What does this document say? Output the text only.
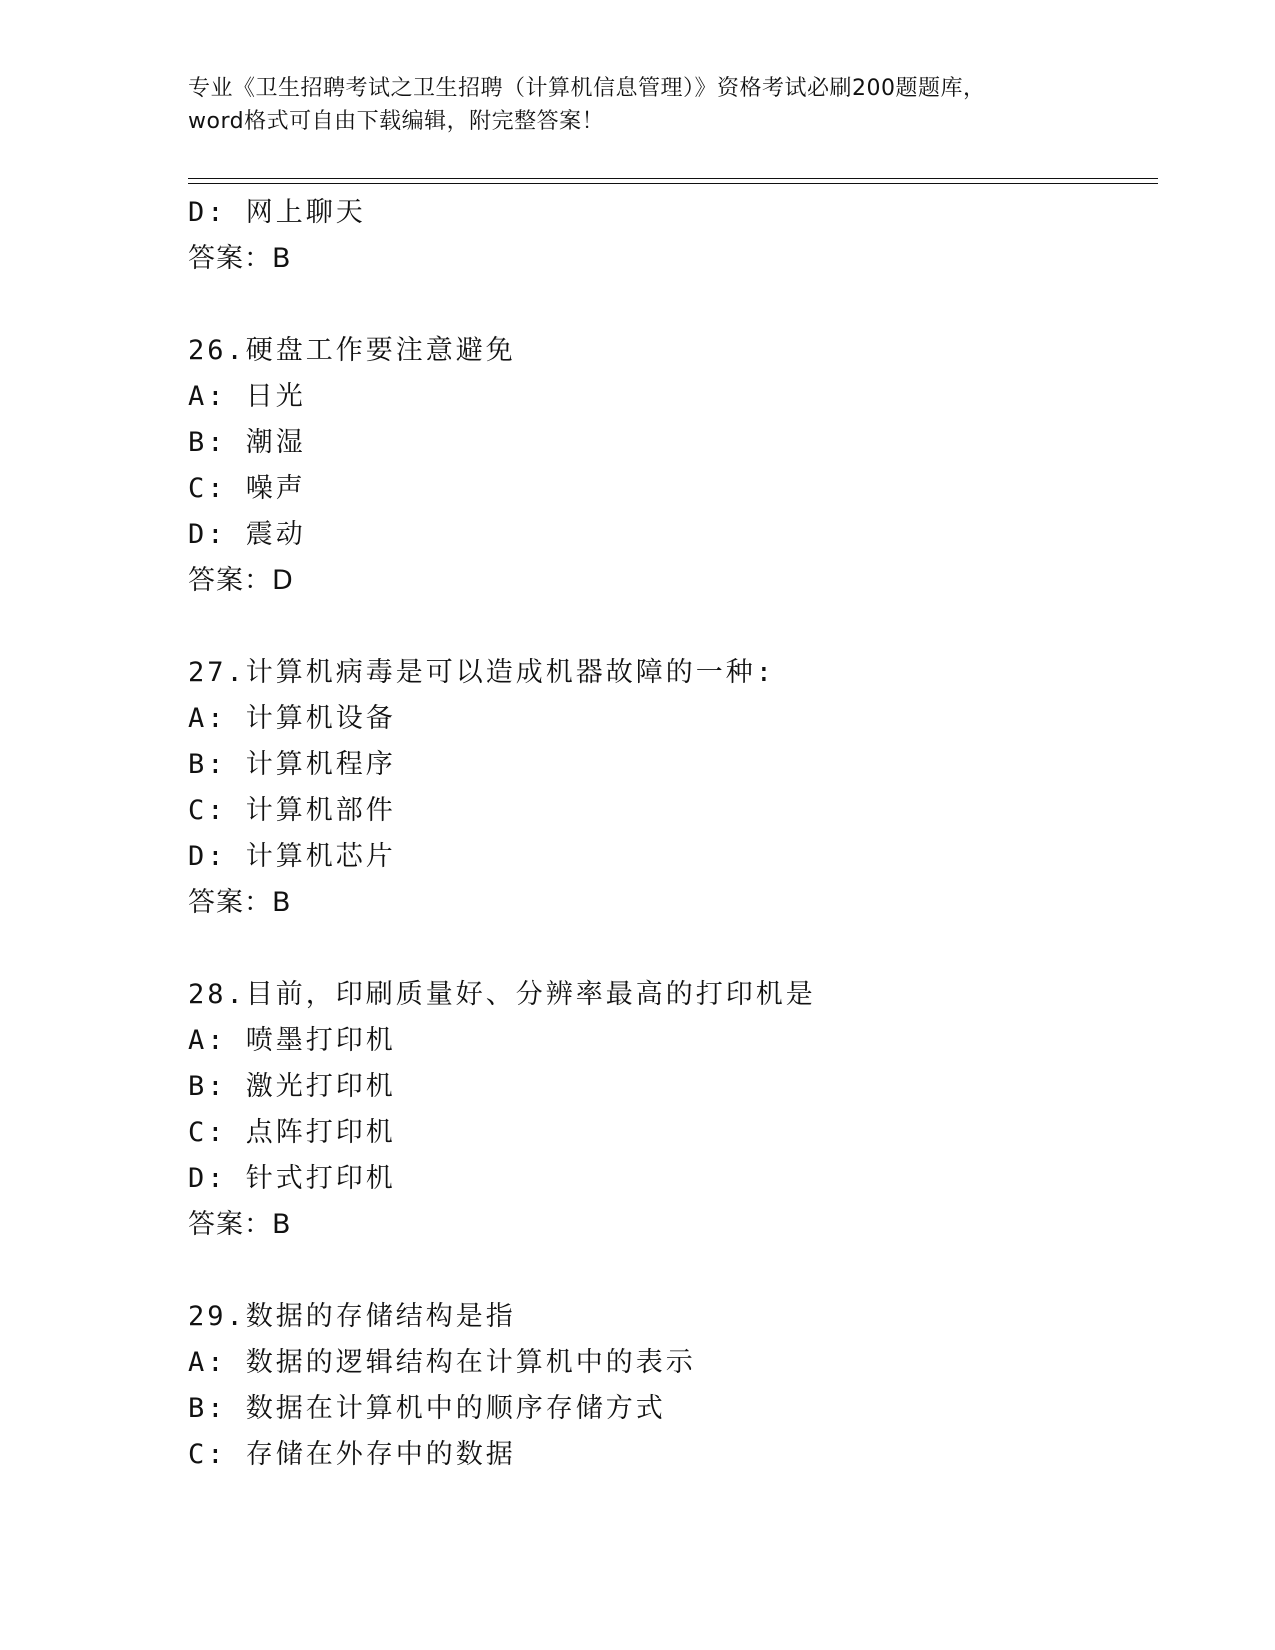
专业《卫生招聘考试之卫生招聘（计算机信息管理）》资格考试必刷200题题库，
word格式可自由下载编辑，附完整答案！
D: 网上聊天
答案：B
26.硬盘工作要注意避免
A: 日光
B: 潮湿
C: 噪声
D: 震动
答案：D
27.计算机病毒是可以造成机器故障的一种:
A: 计算机设备
B: 计算机程序
C: 计算机部件
D: 计算机芯片
答案：B
28.目前，印刷质量好、分辨率最高的打印机是
A: 喷墨打印机
B: 激光打印机
C: 点阵打印机
D: 针式打印机
答案：B
29.数据的存储结构是指
A: 数据的逻辑结构在计算机中的表示
B: 数据在计算机中的顺序存储方式
C: 存储在外存中的数据
